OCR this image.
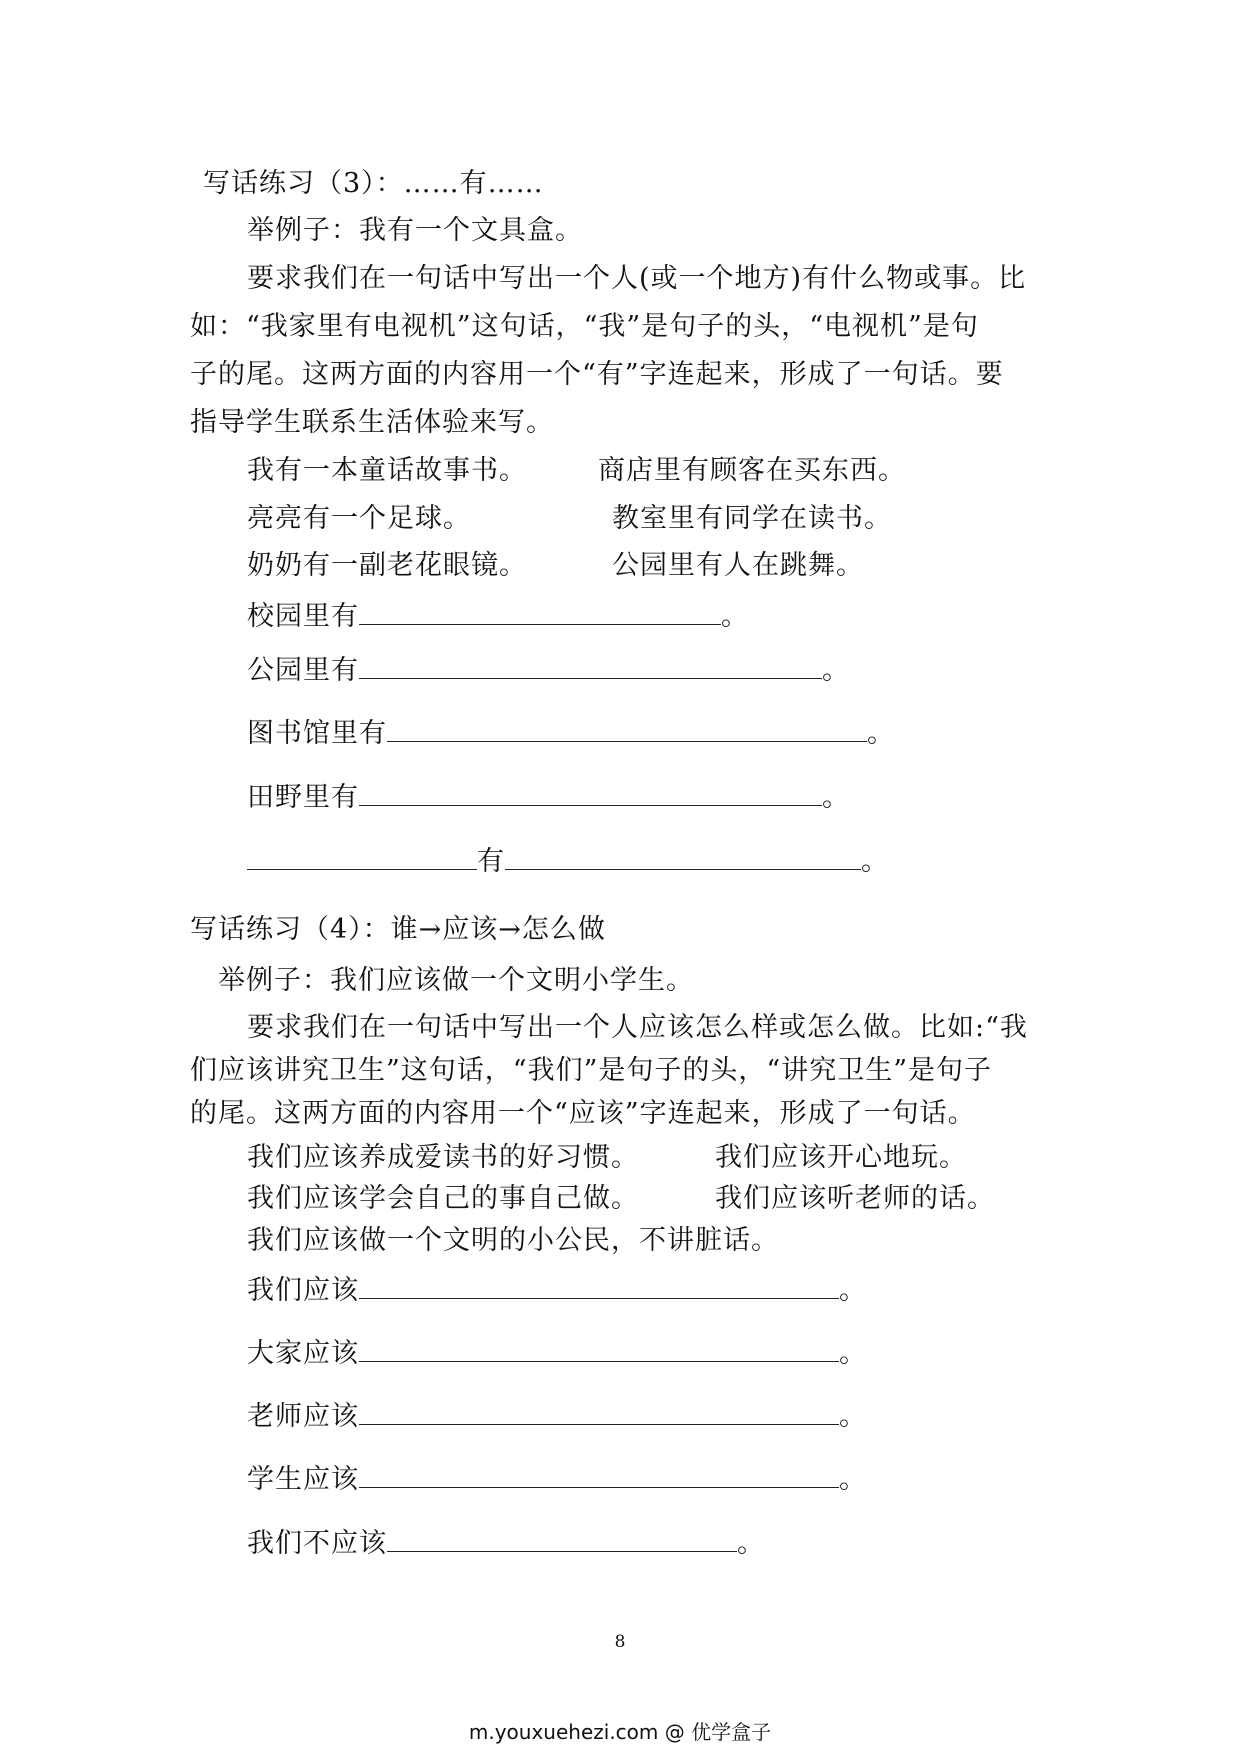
写话练习（3）：……有……
举例子：我有一个文具盒。
要求我们在一句话中写出一个人(或一个地方)有什么物或事。比
如：“我家里有电视机”这句话，“我”是句子的头，“电视机”是句
子的尾。这两方面的内容用一个“有”字连起来，形成了一句话。要
指导学生联系生活体验来写。
我有一本童话故事书。	商店里有顾客在买东西。
亮亮有一个足球。	教室里有同学在读书。
奶奶有一副老花眼镜。	公园里有人在跳舞。
校园里有	。
公园里有	。
图书馆里有	。
田野里有	。
有	。
写话练习（4）：谁→应该→怎么做
举例子：我们应该做一个文明小学生。
要求我们在一句话中写出一个人应该怎么样或怎么做。比如:“我
们应该讲究卫生”这句话，“我们”是句子的头，“讲究卫生”是句子
的尾。这两方面的内容用一个“应该”字连起来，形成了一句话。
我们应该养成爱读书的好习惯。	我们应该开心地玩。
我们应该学会自己的事自己做。	我们应该听老师的话。
我们应该做一个文明的小公民，不讲脏话。
我们应该	。
大家应该	。
老师应该	。
学生应该	。
我们不应该	。
8
m.youxuehezi.com @ 优学盒子
